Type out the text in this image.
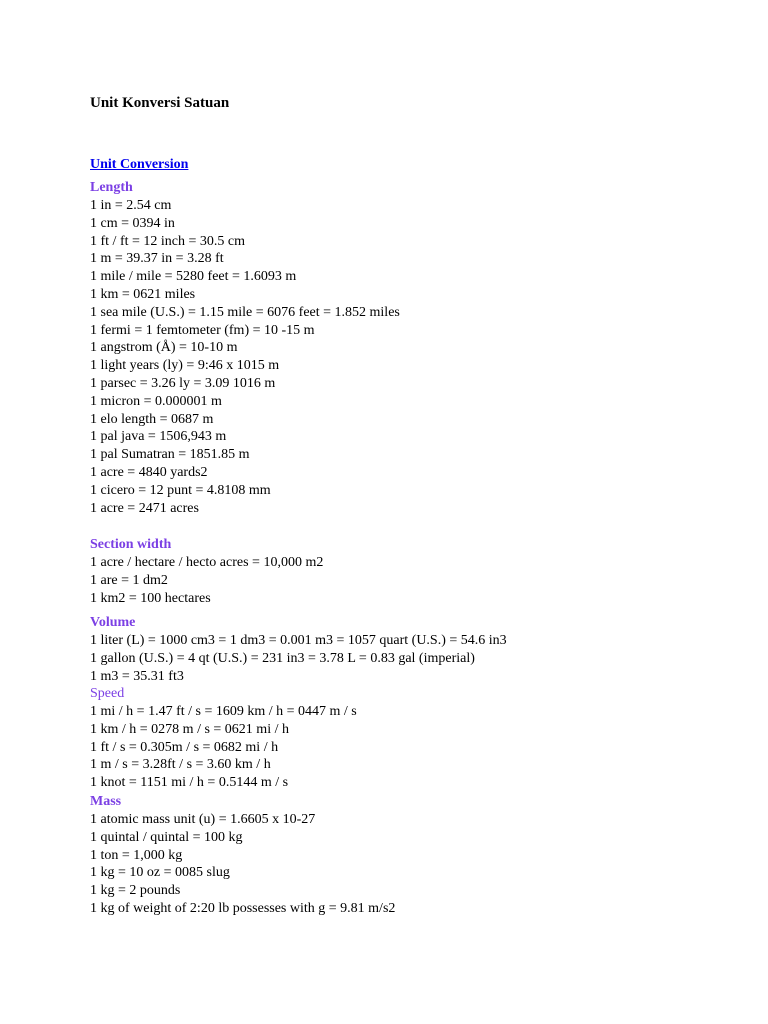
Unit Konversi Satuan
Unit Conversion
Length
1 in = 2.54 cm
1 cm = 0394 in
1 ft / ft = 12 inch = 30.5 cm
1 m = 39.37 in = 3.28 ft
1 mile / mile = 5280 feet = 1.6093 m
1 km = 0621 miles
1 sea mile (U.S.) = 1.15 mile = 6076 feet = 1.852 miles
1 fermi = 1 femtometer (fm) = 10 -15 m
1 angstrom (Å) = 10-10 m
1 light years (ly) = 9:46 x 1015 m
1 parsec = 3.26 ly = 3.09 1016 m
1 micron = 0.000001 m
1 elo length = 0687 m
1 pal java = 1506,943 m
1 pal Sumatran = 1851.85 m
1 acre = 4840 yards2
1 cicero = 12 punt = 4.8108 mm
1 acre = 2471 acres
Section width
1 acre / hectare / hecto acres = 10,000 m2
1 are = 1 dm2
1 km2 = 100 hectares
Volume
1 liter (L) = 1000 cm3 = 1 dm3 = 0.001 m3 = 1057 quart (U.S.) = 54.6 in3
1 gallon (U.S.) = 4 qt (U.S.) = 231 in3 = 3.78 L = 0.83 gal (imperial)
1 m3 = 35.31 ft3
Speed
1 mi / h = 1.47 ft / s = 1609 km / h = 0447 m / s
1 km / h = 0278 m / s = 0621 mi / h
1 ft / s = 0.305m / s = 0682 mi / h
1 m / s = 3.28ft / s = 3.60 km / h
1 knot = 1151 mi / h = 0.5144 m / s
Mass
1 atomic mass unit (u) = 1.6605 x 10-27
1 quintal / quintal = 100 kg
1 ton = 1,000 kg
1 kg = 10 oz = 0085 slug
1 kg = 2 pounds
1 kg of weight of 2:20 lb possesses with g = 9.81 m/s2
